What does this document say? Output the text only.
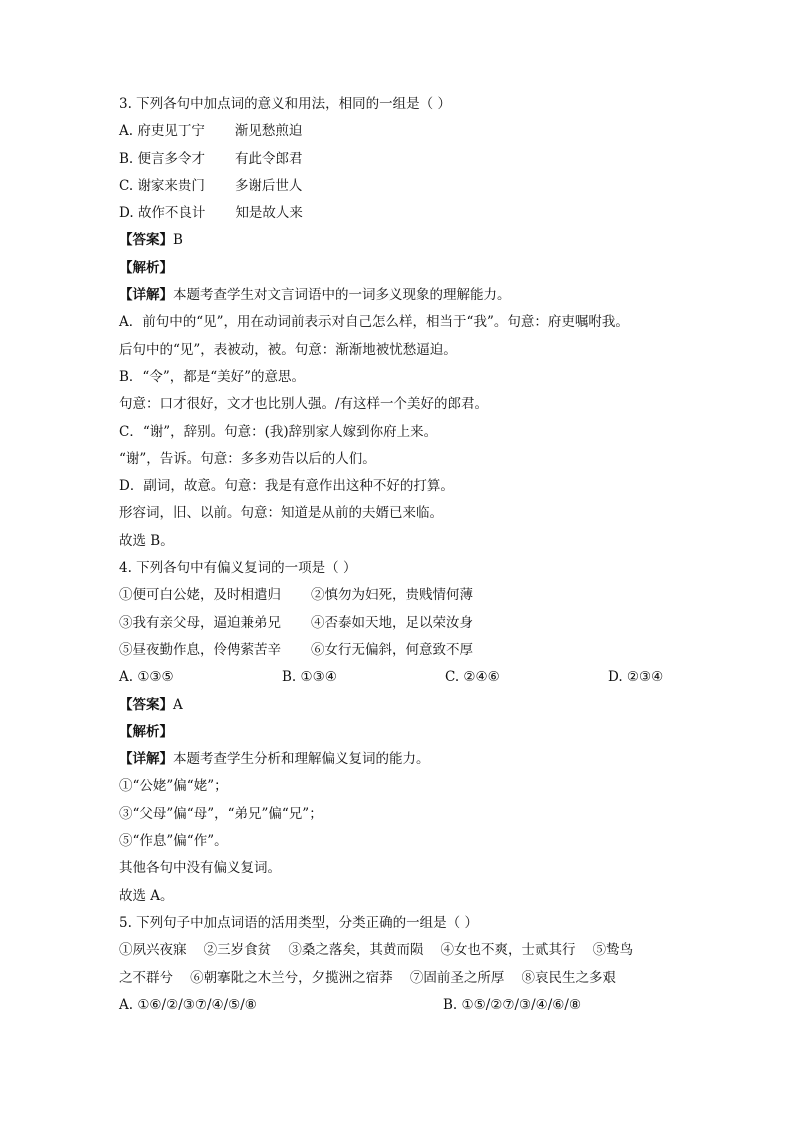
3. 下列各句中加点词的意义和用法，相同的一组是（ ）
A. 府吏见丁宁 渐见愁煎迫
B. 便言多令才 有此令郎君
C. 谢家来贵门 多谢后世人
D. 故作不良计 知是故人来
【答案】B
【解析】
【详解】本题考查学生对文言词语中的一词多义现象的理解能力。
A．前句中的“见”，用在动词前表示对自己怎么样，相当于“我”。句意：府吏嘱咐我。
后句中的“见”，表被动，被。句意：渐渐地被忧愁逼迫。
B．“令”，都是“美好”的意思。
句意：口才很好，文才也比别人强。/有这样一个美好的郎君。
C．“谢”，辞别。句意：(我)辞别家人嫁到你府上来。
“谢”，告诉。句意：多多劝告以后的人们。
D．副词，故意。句意：我是有意作出这种不好的打算。
形容词，旧、以前。句意：知道是从前的夫婿已来临。
故选 B。
4. 下列各句中有偏义复词的一项是（ ）
①便可白公姥，及时相遣归 ②慎勿为妇死，贵贱情何薄
③我有亲父母，逼迫兼弟兄 ④否泰如天地，足以荣汝身
⑤昼夜勤作息，伶俜萦苦辛 ⑥女行无偏斜，何意致不厚
A. ①③⑤	B. ①③④	C. ②④⑥	D. ②③④
【答案】A
【解析】
【详解】本题考查学生分析和理解偏义复词的能力。
①“公姥”偏“姥”；
③“父母”偏“母”，“弟兄”偏“兄”；
⑤“作息”偏“作”。
其他各句中没有偏义复词。
故选 A。
5. 下列句子中加点词语的活用类型，分类正确的一组是（ ）
①夙兴夜寐    ②三岁食贫    ③桑之落矣，其黄而陨    ④女也不爽，士贰其行    ⑤鸷鸟
之不群兮    ⑥朝搴阰之木兰兮，夕揽洲之宿莽    ⑦固前圣之所厚    ⑧哀民生之多艰
A. ①⑥/②/③⑦/④/⑤/⑧	B. ①⑤/②⑦/③/④/⑥/⑧
